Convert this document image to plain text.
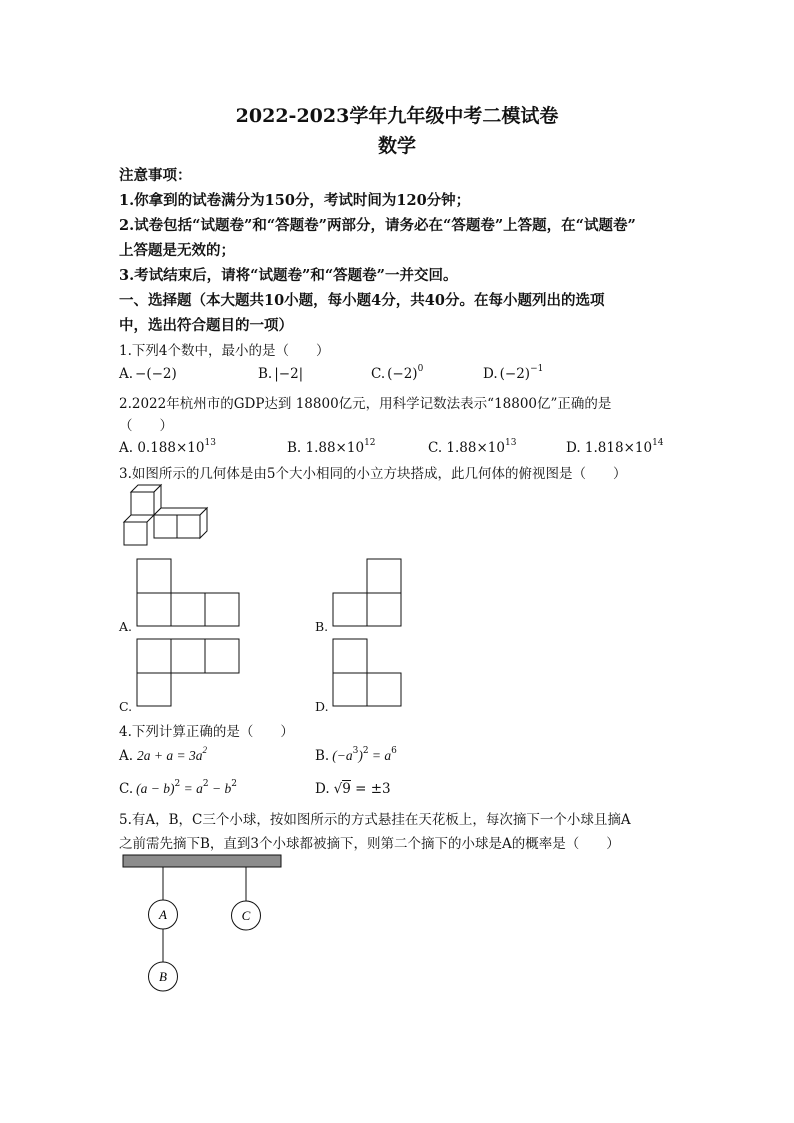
2022-2023学年九年级中考二模试卷
数学
注意事项：
1.你拿到的试卷满分为150分，考试时间为120分钟；
2.试卷包括“试题卷”和“答题卷”两部分，请务必在“答题卷”上答题，在“试题卷”
上答题是无效的；
3.考试结束后，请将“试题卷”和“答题卷”一并交回。
一、选择题（本大题共10小题，每小题4分，共40分。在每小题列出的选项
中，选出符合题目的一项）
1.下列4个数中，最小的是（　　）
A. −(−2)	B. |−2|	C. $(-2)^0$	D. $(-2)^{-1}$
2.2022年杭州市的GDP达到 18800亿元，用科学记数法表示“18800亿”正确的是
（　　）
A. $0.188\times 10^{13}$	B. $1.88\times 10^{12}$	C. $1.88\times 10^{13}$	D. $1.818\times 10^{14}$
3.如图所示的几何体是由5个大小相同的小立方块搭成，此几何体的俯视图是（　　）
A.	B.
C.	D.
4.下列计算正确的是（　　）
A. $2a + a = 3a^2$	B. $(-a^3)^2 = a^6$
C. $(a - b)^2 = a^2 - b^2$	D. √9 = ±3
5.有A，B，C三个小球，按如图所示的方式悬挂在天花板上，每次摘下一个小球且摘A
之前需先摘下B，直到3个小球都被摘下，则第二个摘下的小球是A的概率是（　　）
A
B
C
